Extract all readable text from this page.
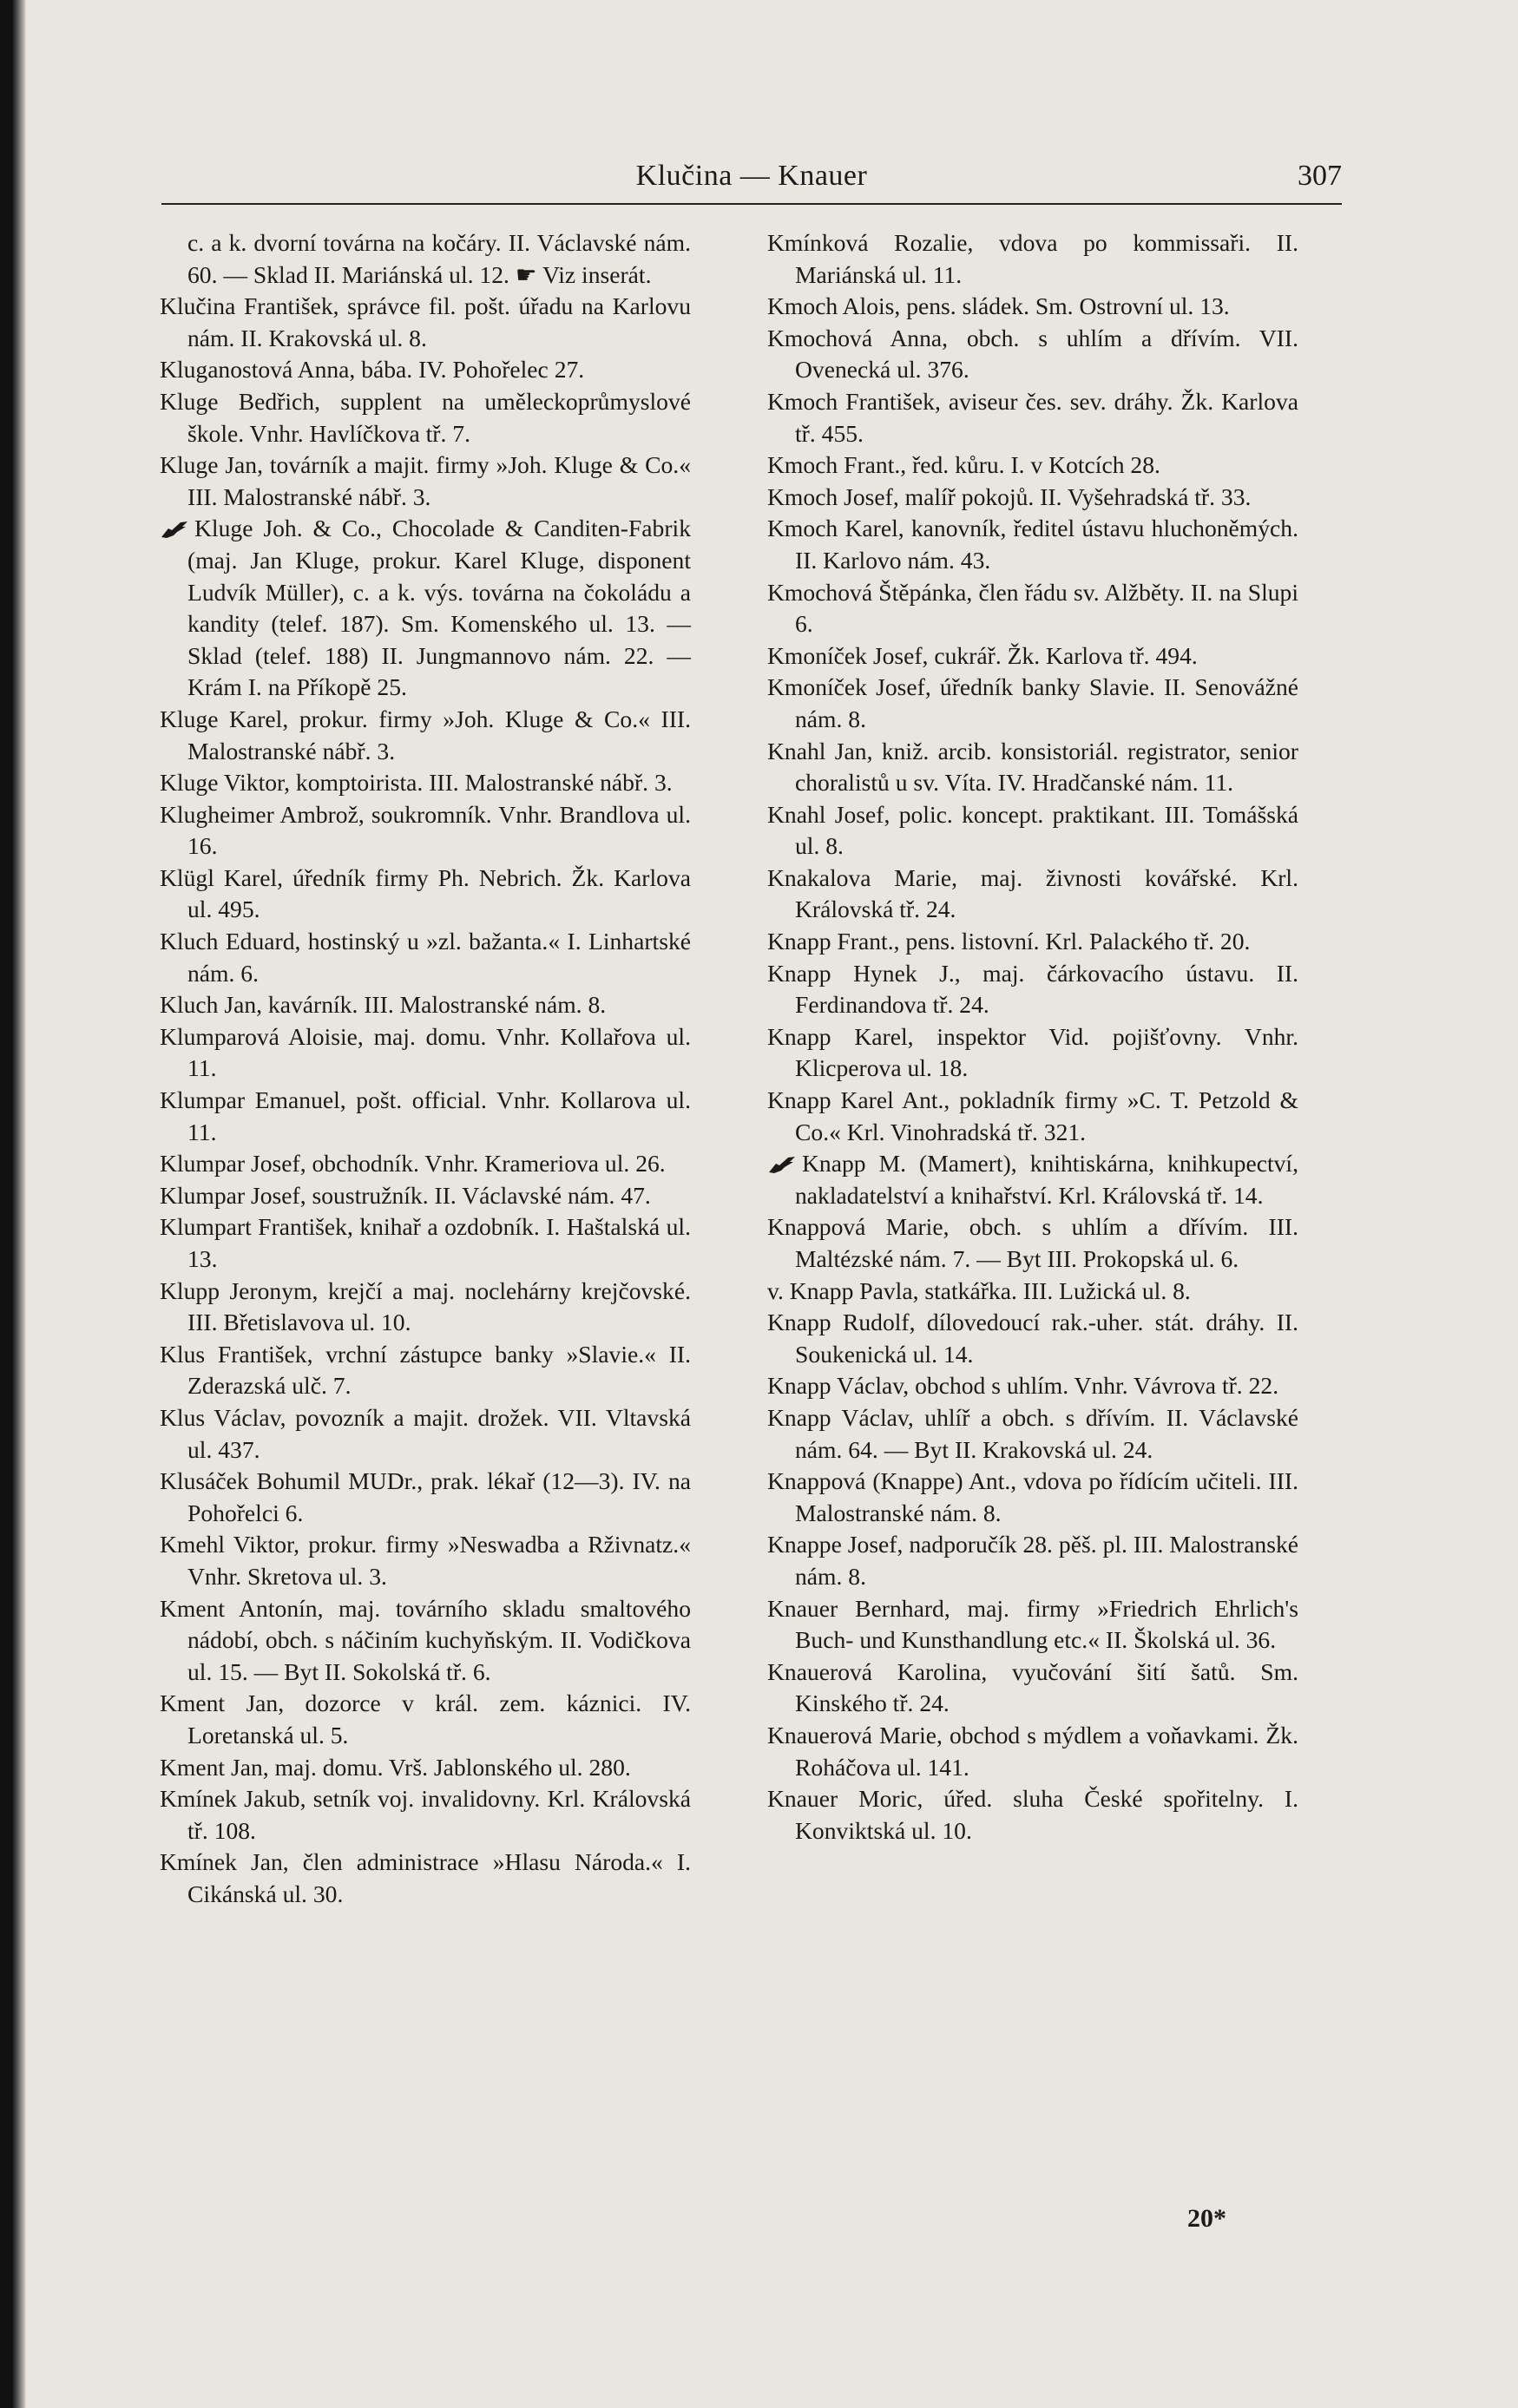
Klučina — Knauer	307

c. a k. dvorní továrna na kočáry. II. Václavské nám. 60. — Sklad II. Mariánská ul. 12. ☛ Viz inserát.

Klučina František, správce fil. pošt. úřadu na Karlovu nám. II. Krakovská ul. 8.

Kluganostová Anna, bába. IV. Pohořelec 27.

Kluge Bedřich, supplent na uměleckoprůmyslové škole. Vnhr. Havlíčkova tř. 7.

Kluge Jan, továrník a majit. firmy »Joh. Kluge & Co.« III. Malostranské nábř. 3.

Kluge Joh. & Co., Chocolade & Canditen-Fabrik (maj. Jan Kluge, prokur. Karel Kluge, disponent Ludvík Müller), c. a k. výs. továrna na čokoládu a kandity (telef. 187). Sm. Komenského ul. 13. — Sklad (telef. 188) II. Jungmannovo nám. 22. — Krám I. na Příkopě 25.

Kluge Karel, prokur. firmy »Joh. Kluge & Co.« III. Malostranské nábř. 3.

Kluge Viktor, komptoirista. III. Malostranské nábř. 3.

Klugheimer Ambrož, soukromník. Vnhr. Brandlova ul. 16.

Klügl Karel, úředník firmy Ph. Nebrich. Žk. Karlova ul. 495.

Kluch Eduard, hostinský u »zl. bažanta.« I. Linhartské nám. 6.

Kluch Jan, kavárník. III. Malostranské nám. 8.

Klumparová Aloisie, maj. domu. Vnhr. Kollařova ul. 11.

Klumpar Emanuel, pošt. official. Vnhr. Kollarova ul. 11.

Klumpar Josef, obchodník. Vnhr. Krameriova ul. 26.

Klumpar Josef, soustružník. II. Václavské nám. 47.

Klumpart František, knihař a ozdobník. I. Haštalská ul. 13.

Klupp Jeronym, krejčí a maj. noclehárny krejčovské. III. Břetislavova ul. 10.

Klus František, vrchní zástupce banky »Slavie.« II. Zderazská ulč. 7.

Klus Václav, povozník a majit. drožek. VII. Vltavská ul. 437.

Klusáček Bohumil MUDr., prak. lékař (12—3). IV. na Pohořelci 6.

Kmehl Viktor, prokur. firmy »Neswadba a Rživnatz.« Vnhr. Skretova ul. 3.

Kment Antonín, maj. továrního skladu smaltového nádobí, obch. s náčiním kuchyňským. II. Vodičkova ul. 15. — Byt II. Sokolská tř. 6.

Kment Jan, dozorce v král. zem. káznici. IV. Loretanská ul. 5.

Kment Jan, maj. domu. Vrš. Jablonského ul. 280.

Kmínek Jakub, setník voj. invalidovny. Krl. Královská tř. 108.

Kmínek Jan, člen administrace »Hlasu Národa.« I. Cikánská ul. 30.

Kmínková Rozalie, vdova po kommissaři. II. Mariánská ul. 11.

Kmoch Alois, pens. sládek. Sm. Ostrovní ul. 13.

Kmochová Anna, obch. s uhlím a dřívím. VII. Ovenecká ul. 376.

Kmoch František, aviseur čes. sev. dráhy. Žk. Karlova tř. 455.

Kmoch Frant., řed. kůru. I. v Kotcích 28.

Kmoch Josef, malíř pokojů. II. Vyšehradská tř. 33.

Kmoch Karel, kanovník, ředitel ústavu hluchoněmých. II. Karlovo nám. 43.

Kmochová Štěpánka, člen řádu sv. Alžběty. II. na Slupi 6.

Kmoníček Josef, cukrář. Žk. Karlova tř. 494.

Kmoníček Josef, úředník banky Slavie. II. Senovážné nám. 8.

Knahl Jan, kniž. arcib. konsistoriál. registrator, senior choralistů u sv. Víta. IV. Hradčanské nám. 11.

Knahl Josef, polic. koncept. praktikant. III. Tomášská ul. 8.

Knakalova Marie, maj. živnosti kovářské. Krl. Královská tř. 24.

Knapp Frant., pens. listovní. Krl. Palackého tř. 20.

Knapp Hynek J., maj. čárkovacího ústavu. II. Ferdinandova tř. 24.

Knapp Karel, inspektor Vid. pojišťovny. Vnhr. Klicperova ul. 18.

Knapp Karel Ant., pokladník firmy »C. T. Petzold & Co.« Krl. Vinohradská tř. 321.

Knapp M. (Mamert), knihtiskárna, knihkupectví, nakladatelství a knihařství. Krl. Královská tř. 14.

Knappová Marie, obch. s uhlím a dřívím. III. Maltézské nám. 7. — Byt III. Prokopská ul. 6.

v. Knapp Pavla, statkářka. III. Lužická ul. 8.

Knapp Rudolf, dílovedoucí rak.-uher. stát. dráhy. II. Soukenická ul. 14.

Knapp Václav, obchod s uhlím. Vnhr. Vávrova tř. 22.

Knapp Václav, uhlíř a obch. s dřívím. II. Václavské nám. 64. — Byt II. Krakovská ul. 24.

Knappová (Knappe) Ant., vdova po řídícím učiteli. III. Malostranské nám. 8.

Knappe Josef, nadporučík 28. pěš. pl. III. Malostranské nám. 8.

Knauer Bernhard, maj. firmy »Friedrich Ehrlich's Buch- und Kunsthandlung etc.« II. Školská ul. 36.

Knauerová Karolina, vyučování šití šatů. Sm. Kinského tř. 24.

Knauerová Marie, obchod s mýdlem a voňavkami. Žk. Roháčova ul. 141.

Knauer Moric, úřed. sluha České spořitelny. I. Konviktská ul. 10.

20*
